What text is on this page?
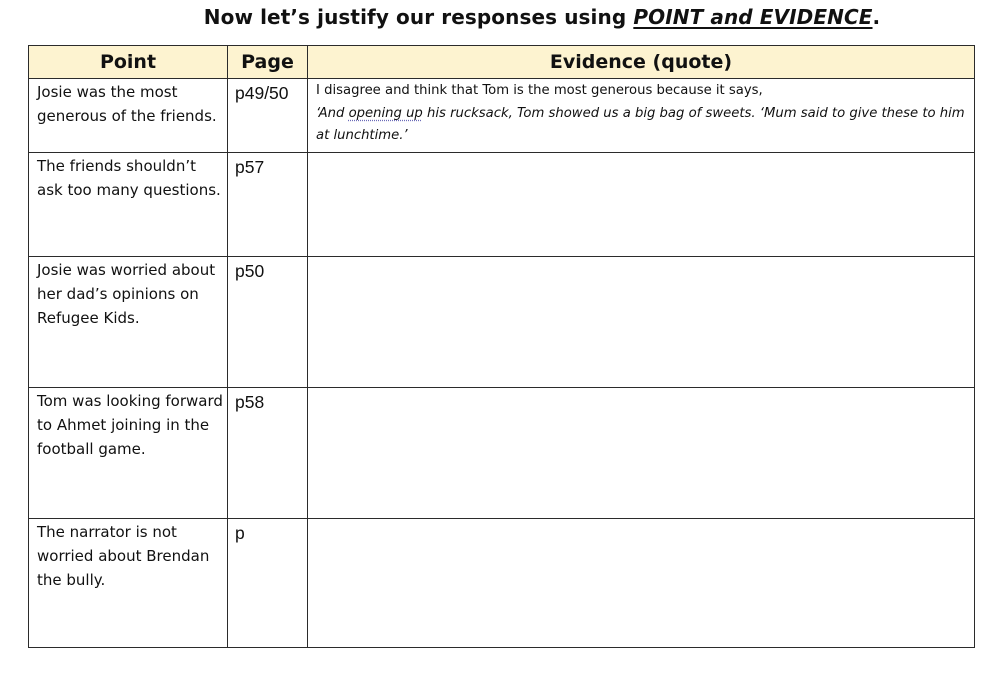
Now let’s justify our responses using POINT and EVIDENCE.
Point	Page	Evidence (quote)
Josie was the most generous of the friends.	p49/50	I disagree and think that Tom is the most generous because it says,
‘And opening up his rucksack, Tom showed us a big bag of sweets. ‘Mum said to give these to him at lunchtime.’

The friends shouldn’t ask too many questions.	p57	
Josie was worried about her dad’s opinions on Refugee Kids.	p50	
Tom was looking forward to Ahmet joining in the football game.	p58	
The narrator is not worried about Brendan the bully.	p	
